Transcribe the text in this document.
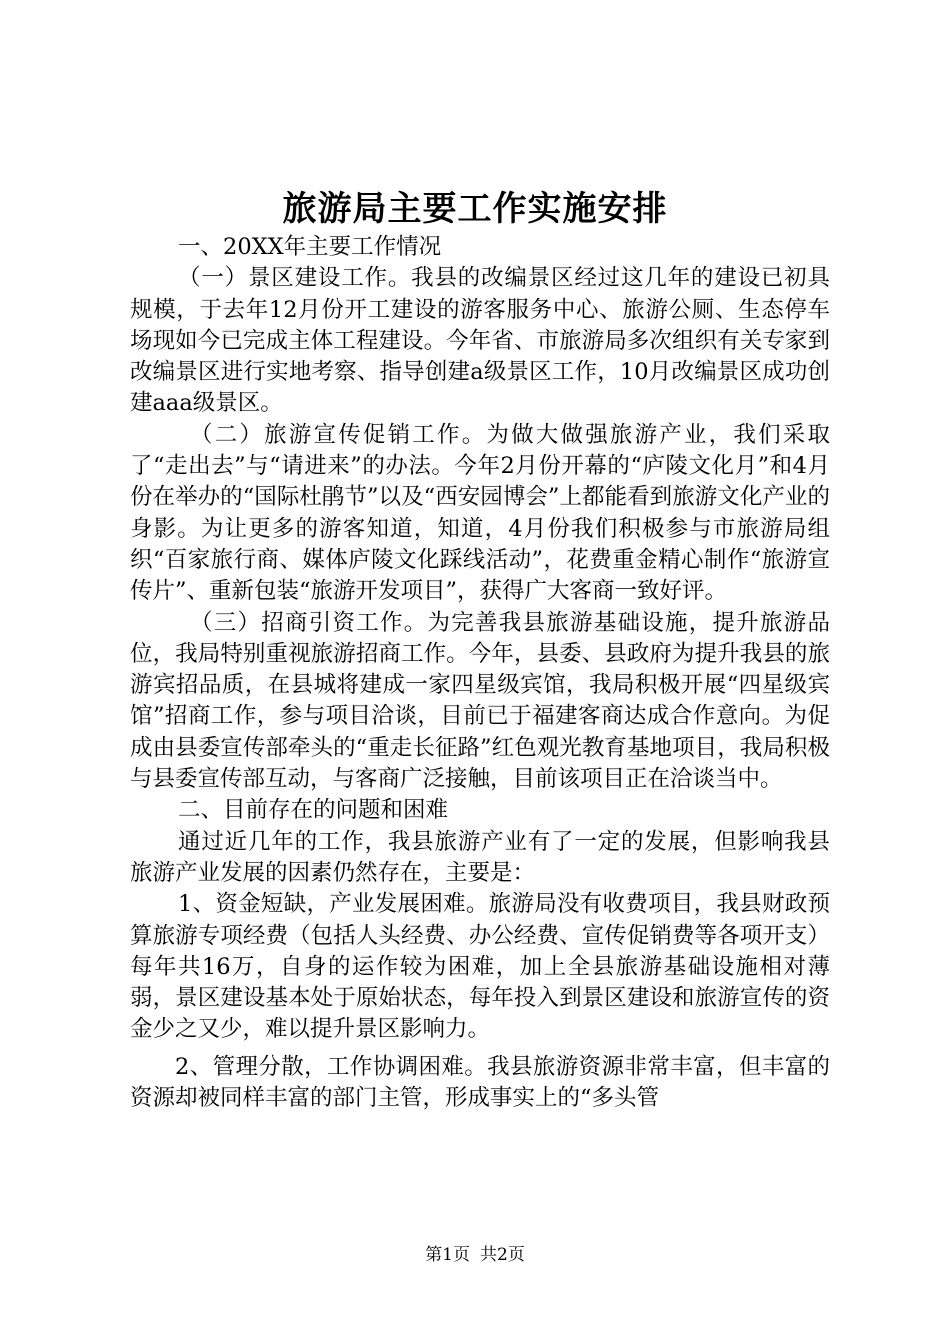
旅游局主要工作实施安排

一、20XX年主要工作情况

（一）景区建设工作。我县的改编景区经过这几年的建设已初具规模，于去年12月份开工建设的游客服务中心、旅游公厕、生态停车场现如今已完成主体工程建设。今年省、市旅游局多次组织有关专家到改编景区进行实地考察、指导创建a级景区工作，10月改编景区成功创建aaa级景区。

（二）旅游宣传促销工作。为做大做强旅游产业，我们采取了“走出去”与“请进来”的办法。今年2月份开幕的“庐陵文化月”和4月份在举办的“国际杜鹃节”以及“西安园博会”上都能看到旅游文化产业的身影。为让更多的游客知道，知道，4月份我们积极参与市旅游局组织“百家旅行商、媒体庐陵文化踩线活动”，花费重金精心制作“旅游宣传片”、重新包装“旅游开发项目”，获得广大客商一致好评。

（三）招商引资工作。为完善我县旅游基础设施，提升旅游品位，我局特别重视旅游招商工作。今年，县委、县政府为提升我县的旅游宾招品质，在县城将建成一家四星级宾馆，我局积极开展“四星级宾馆”招商工作，参与项目洽谈，目前已于福建客商达成合作意向。为促成由县委宣传部牵头的“重走长征路”红色观光教育基地项目，我局积极与县委宣传部互动，与客商广泛接触，目前该项目正在洽谈当中。

二、目前存在的问题和困难

通过近几年的工作，我县旅游产业有了一定的发展，但影响我县旅游产业发展的因素仍然存在，主要是：

1、资金短缺，产业发展困难。旅游局没有收费项目，我县财政预算旅游专项经费（包括人头经费、办公经费、宣传促销费等各项开支）每年共16万，自身的运作较为困难，加上全县旅游基础设施相对薄弱，景区建设基本处于原始状态，每年投入到景区建设和旅游宣传的资金少之又少，难以提升景区影响力。

2、管理分散，工作协调困难。我县旅游资源非常丰富，但丰富的资源却被同样丰富的部门主管，形成事实上的“多头管

第1页 共2页
